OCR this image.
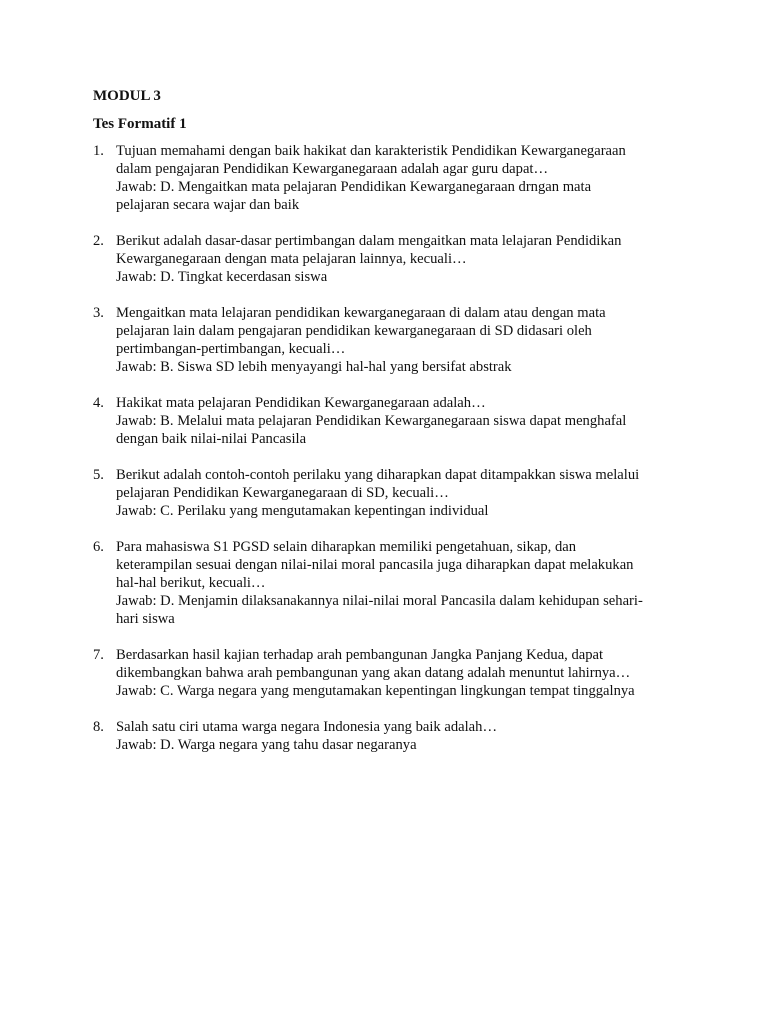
MODUL 3
Tes Formatif 1
1. Tujuan memahami dengan baik hakikat dan karakteristik Pendidikan Kewarganegaraan
dalam pengajaran Pendidikan Kewarganegaraan adalah agar guru dapat…
Jawab: D. Mengaitkan mata pelajaran Pendidikan Kewarganegaraan drngan mata
pelajaran secara wajar dan baik
2. Berikut adalah dasar-dasar pertimbangan dalam mengaitkan mata lelajaran Pendidikan
Kewarganegaraan dengan mata pelajaran lainnya, kecuali…
Jawab: D. Tingkat kecerdasan siswa
3. Mengaitkan mata lelajaran pendidikan kewarganegaraan di dalam atau dengan mata
pelajaran lain dalam pengajaran pendidikan kewarganegaraan di SD didasari oleh
pertimbangan-pertimbangan, kecuali…
Jawab: B. Siswa SD lebih menyayangi hal-hal yang bersifat abstrak
4. Hakikat mata pelajaran Pendidikan Kewarganegaraan adalah…
Jawab: B. Melalui mata pelajaran Pendidikan Kewarganegaraan siswa dapat menghafal
dengan baik nilai-nilai Pancasila
5. Berikut adalah contoh-contoh perilaku yang diharapkan dapat ditampakkan siswa melalui
pelajaran Pendidikan Kewarganegaraan di SD, kecuali…
Jawab: C. Perilaku yang mengutamakan kepentingan individual
6. Para mahasiswa S1 PGSD selain diharapkan memiliki pengetahuan, sikap, dan
keterampilan sesuai dengan nilai-nilai moral pancasila juga diharapkan dapat melakukan
hal-hal berikut, kecuali…
Jawab: D. Menjamin dilaksanakannya nilai-nilai moral Pancasila dalam kehidupan sehari-
hari siswa
7. Berdasarkan hasil kajian terhadap arah pembangunan Jangka Panjang Kedua, dapat
dikembangkan bahwa arah pembangunan yang akan datang adalah menuntut lahirnya…
Jawab: C. Warga negara yang mengutamakan kepentingan lingkungan tempat tinggalnya
8. Salah satu ciri utama warga negara Indonesia yang baik adalah…
Jawab: D. Warga negara yang tahu dasar negaranya
